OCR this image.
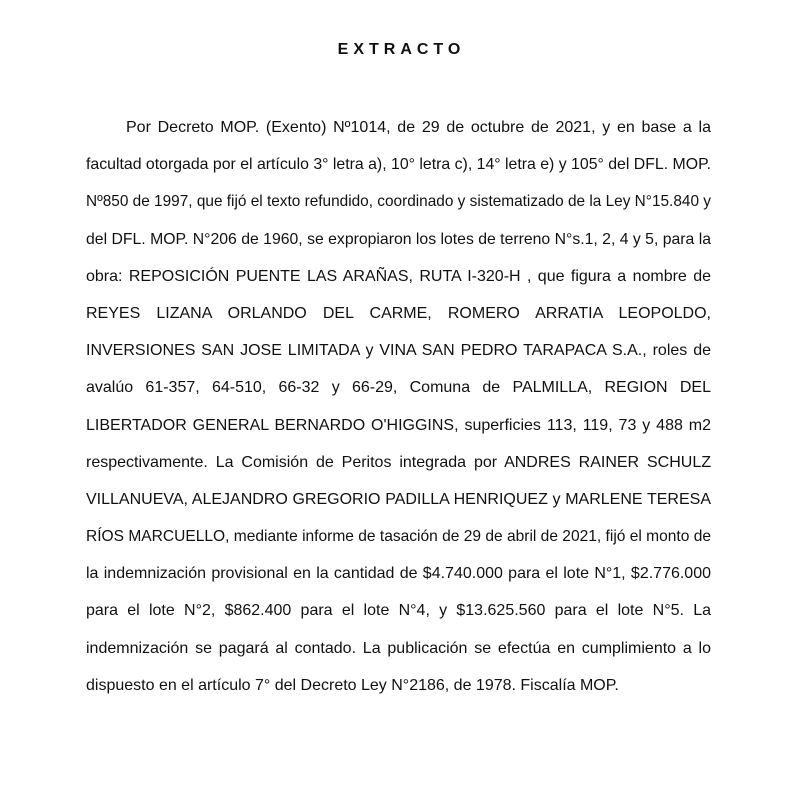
EXTRACTO
Por Decreto MOP. (Exento) Nº1014, de 29 de octubre de 2021, y en base a la
facultad otorgada por el artículo 3° letra a), 10° letra c), 14° letra e) y 105° del DFL. MOP.
Nº850 de 1997, que fijó el texto refundido, coordinado y sistematizado de la Ley N°15.840 y
del DFL. MOP. N°206 de 1960, se expropiaron los lotes de terreno N°s.1, 2, 4 y 5, para la
obra: REPOSICIÓN PUENTE LAS ARAÑAS, RUTA I-320-H , que figura a nombre de
REYES LIZANA ORLANDO DEL CARME, ROMERO ARRATIA LEOPOLDO,
INVERSIONES SAN JOSE LIMITADA y VINA SAN PEDRO TARAPACA S.A., roles de
avalúo 61-357, 64-510, 66-32 y 66-29, Comuna de PALMILLA, REGION DEL
LIBERTADOR GENERAL BERNARDO O'HIGGINS, superficies 113, 119, 73 y 488 m2
respectivamente. La Comisión de Peritos integrada por ANDRES RAINER SCHULZ
VILLANUEVA, ALEJANDRO GREGORIO PADILLA HENRIQUEZ y MARLENE TERESA
RÍOS MARCUELLO, mediante informe de tasación de 29 de abril de 2021, fijó el monto de
la indemnización provisional en la cantidad de $4.740.000 para el lote N°1, $2.776.000
para el lote N°2, $862.400 para el lote N°4, y $13.625.560 para el lote N°5. La
indemnización se pagará al contado. La publicación se efectúa en cumplimiento a lo
dispuesto en el artículo 7° del Decreto Ley N°2186, de 1978. Fiscalía MOP.
